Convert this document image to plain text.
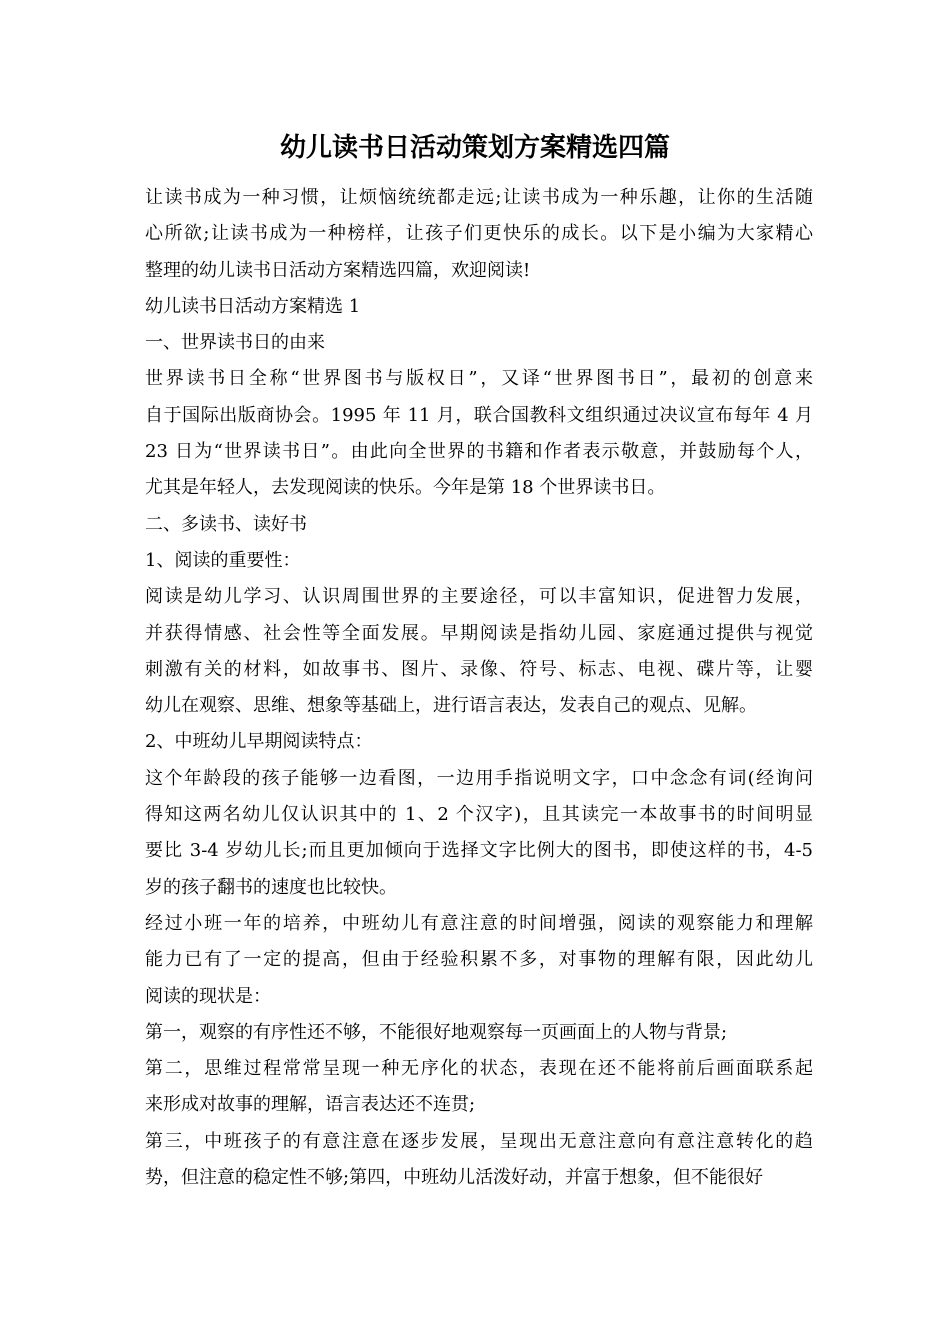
幼儿读书日活动策划方案精选四篇

让读书成为一种习惯，让烦恼统统都走远;让读书成为一种乐趣，让你的生活随
心所欲;让读书成为一种榜样，让孩子们更快乐的成长。以下是小编为大家精心
整理的幼儿读书日活动方案精选四篇，欢迎阅读!

幼儿读书日活动方案精选 1

一、世界读书日的由来

世界读书日全称“世界图书与版权日”，又译“世界图书日”，最初的创意来
自于国际出版商协会。1995 年 11 月，联合国教科文组织通过决议宣布每年 4 月
23 日为“世界读书日”。由此向全世界的书籍和作者表示敬意，并鼓励每个人，
尤其是年轻人，去发现阅读的快乐。今年是第 18 个世界读书日。

二、多读书、读好书

1、阅读的重要性：

阅读是幼儿学习、认识周围世界的主要途径，可以丰富知识，促进智力发展，
并获得情感、社会性等全面发展。早期阅读是指幼儿园、家庭通过提供与视觉
刺激有关的材料，如故事书、图片、录像、符号、标志、电视、碟片等，让婴
幼儿在观察、思维、想象等基础上，进行语言表达，发表自己的观点、见解。

2、中班幼儿早期阅读特点：

这个年龄段的孩子能够一边看图，一边用手指说明文字，口中念念有词(经询问
得知这两名幼儿仅认识其中的 1、2 个汉字)，且其读完一本故事书的时间明显
要比 3-4 岁幼儿长;而且更加倾向于选择文字比例大的图书，即使这样的书，4-5
岁的孩子翻书的速度也比较快。

经过小班一年的培养，中班幼儿有意注意的时间增强，阅读的观察能力和理解
能力已有了一定的提高，但由于经验积累不多，对事物的理解有限，因此幼儿
阅读的现状是：

第一，观察的有序性还不够，不能很好地观察每一页画面上的人物与背景;

第二，思维过程常常呈现一种无序化的状态，表现在还不能将前后画面联系起
来形成对故事的理解，语言表达还不连贯;

第三，中班孩子的有意注意在逐步发展，呈现出无意注意向有意注意转化的趋
势，但注意的稳定性不够;第四，中班幼儿活泼好动，并富于想象，但不能很好
